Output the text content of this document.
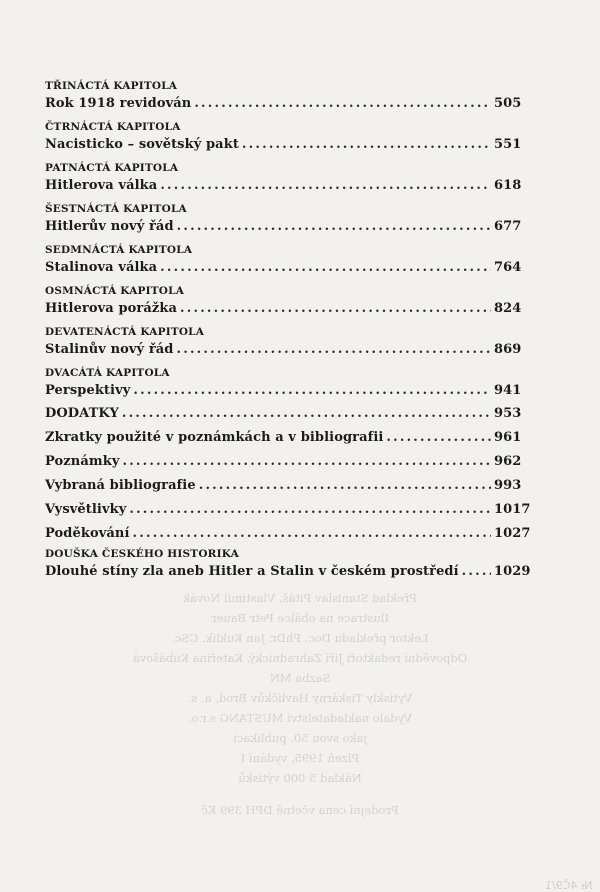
TŘINÁCTÁ KAPITOLA
Rok 1918 revidován .....	505
ČTRNÁCTÁ KAPITOLA
Nacisticko – sovětský pakt .....	551
PATNÁCTÁ KAPITOLA
Hitlerova válka .....	618
ŠESTNÁCTÁ KAPITOLA
Hitlerův nový řád .....	677
SEDMNÁCTÁ KAPITOLA
Stalinova válka .....	764
OSMNÁCTÁ KAPITOLA
Hitlerova porážka .....	824
DEVATENÁCTÁ KAPITOLA
Stalinův nový řád .....	869
DVACÁTÁ KAPITOLA
Perspektivy .....	941
DODATKY .....	953
Zkratky použité v poznámkách a v bibliografii .....	961
Poznámky .....	962
Vybraná bibliografie .....	993
Vysvětlivky .....	1017
Poděkování .....	1027
DOUŠKA ČESKÉHO HISTORIKA
Dlouhé stíny zla aneb Hitler a Stalin v českém prostředí .....	1029
Překlad Stanislav Pitáš, Vlastimil Novák
Ilustrace na obálce Petr Bauer
Lektor překladu Doc. PhDr. Jan Kuklík, CSc.
Odpovědní redaktoři Jiří Zahradnický, Kateřina Kubášová
Sazba MN
Vytiskly Tiskárny Havlíčkův Brod, a. s.
Vydalo nakladatelství MUSTANG s.r.o.
jako svou 50. publikaci
Plzeň 1995, vydání I
Náklad 5 000 výtisků
Prodejní cena včetně DPH 399 Kč
№ 4Č9/1
